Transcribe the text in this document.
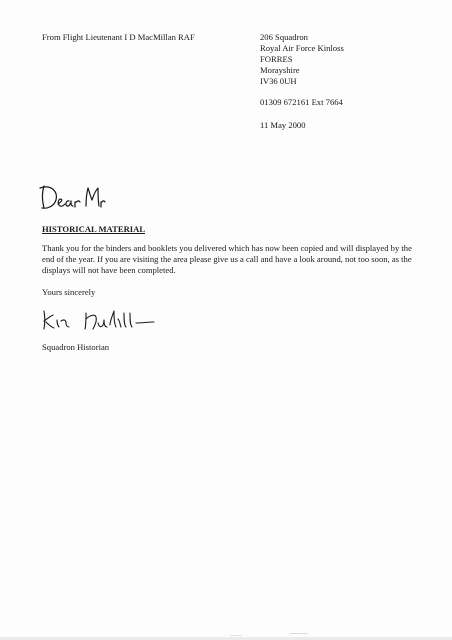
From Flight Lieutenant I D MacMillan RAF	206 Squadron
Royal Air Force Kinloss
FORRES
Morayshire
IV36 0UH
01309 672161 Ext 7664
11 May 2000
HISTORICAL MATERIAL
Thank you for the binders and booklets you delivered which has now been copied and will displayed by the end of the year. If you are visiting the area please give us a call and have a look around, not too soon, as the displays will not have been completed.
Yours sincerely
Squadron Historian
